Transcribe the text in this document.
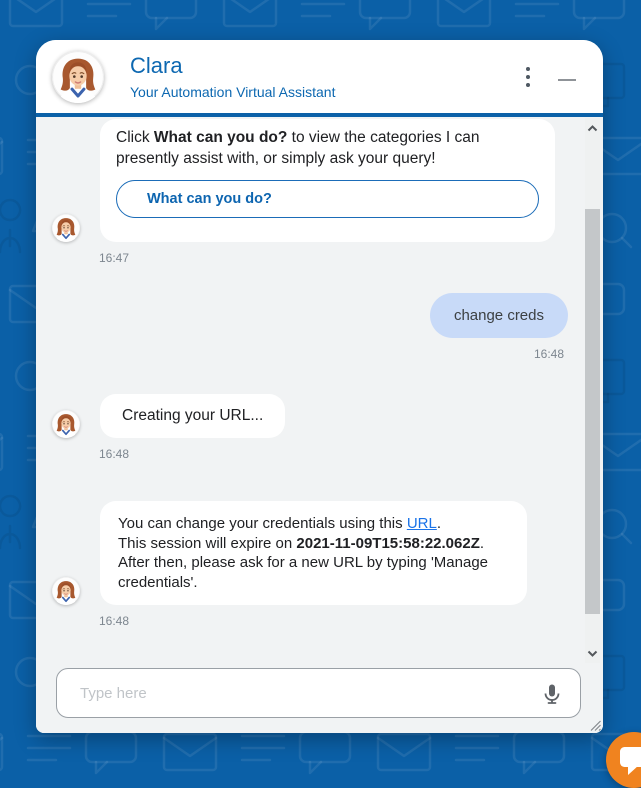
Clara
Your Automation Virtual Assistant
Click What can you do? to view the categories I can presently assist with, or simply ask your query!
What can you do?
16:47
change creds
16:48
Creating your URL...
16:48
You can change your credentials using this URL.
This session will expire on 2021-11-09T15:58:22.062Z.
After then, please ask for a new URL by typing 'Manage credentials'.
16:48
Type here
